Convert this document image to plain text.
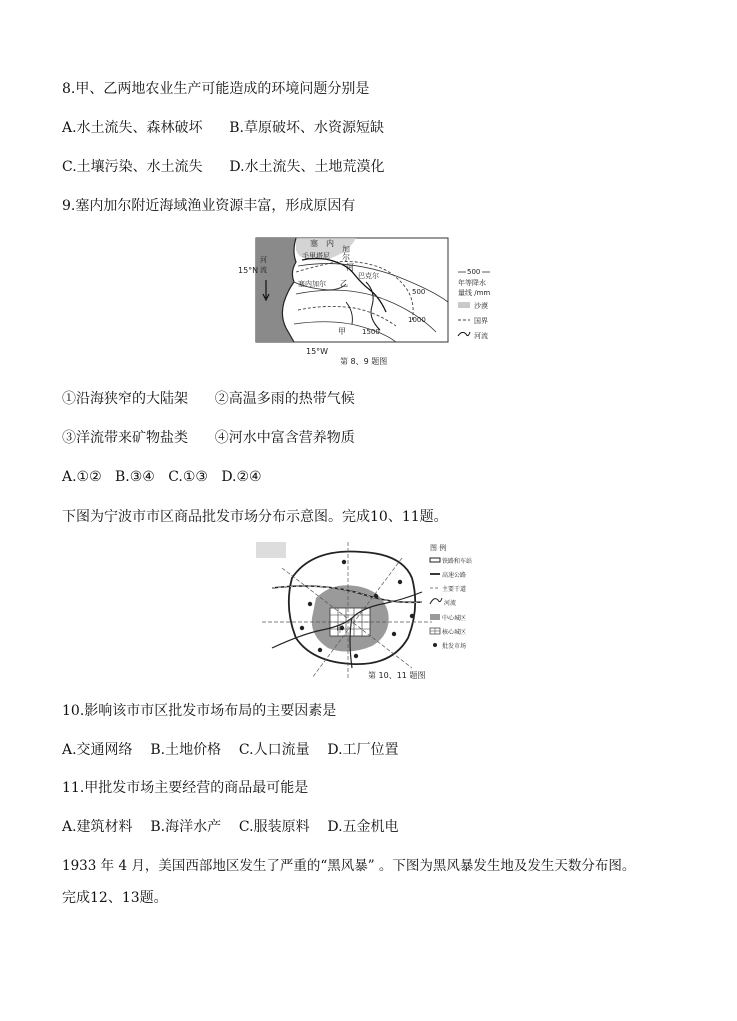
8.甲、乙两地农业生产可能造成的环境问题分别是
A.水土流失、森林破坏      B.草原破坏、水资源短缺
C.土壤污染、水土流失      D.水土流失、土地荒漠化
9.塞内加尔附近海域渔业资源丰富，形成原因有
15°N
15°W
塞 内
毛里塔尼
加
尔
河
巴克尔
塞内加尔 乙
甲
河
流
500
1000
1500
500
年等降水
量线 /mm
沙漠
国界
河流
第 8、9 题图
①沿海狭窄的大陆架      ②高温多雨的热带气候
③洋流带来矿物盐类      ④河水中富含营养物质
A.①②   B.③④   C.①③   D.②④
下图为宁波市市区商品批发市场分布示意图。完成10、11题。
甲
图 例
铁路和车站
高速公路
主要干道
河流
中心城区
核心城区
批发市场
第 10、11 题图
10.影响该市市区批发市场布局的主要因素是
A.交通网络    B.土地价格    C.人口流量    D.工厂位置
11.甲批发市场主要经营的商品最可能是
A.建筑材料    B.海洋水产    C.服装原料    D.五金机电
1933 年 4 月，美国西部地区发生了严重的“黑风暴” 。下图为黑风暴发生地及发生天数分布图。
完成12、13题。
